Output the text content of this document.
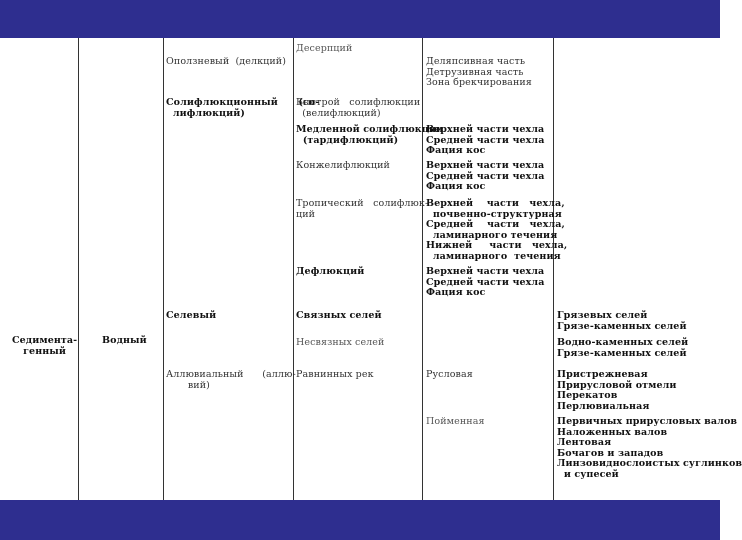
Седимента-
генный
Водный
Оползневый  (делкций)
Солифлюкционный      (со-
лифлюкций)
Селевый
Аллювиальный      (аллю-
вий)
Десерпций
Быстрой   солифлюкции
(велифлюкций)
Медленной солифлюкции
(тардифлюкций)
Конжелифлюкций
Тропический   солифлюк-
ций
Дефлюкций
Связных селей
Несвязных селей
Равнинных рек
Деляпсивная часть
Детрузивная часть
Зона брекчирования
Верхней части чехла
Средней части чехла
Фация кос
Верхней части чехла
Средней части чехла
Фация кос
Верхней    части   чехла,
почвенно-структурная
Средней    части   чехла,
ламинарного течения
Нижней     части   чехла,
ламинарного  течения
Верхней части чехла
Средней части чехла
Фация кос
Русловая
Пойменная
Грязевых селей
Грязе-каменных селей
Водно-каменных селей
Грязе-каменных селей
Пристрежневая
Прирусловой отмели
Перекатов
Перлювиальная
Первичных прирусловых валов
Наложенных валов
Лентовая
Бочагов и западов
Линзовидноcлоистых суглинков
и супесей
